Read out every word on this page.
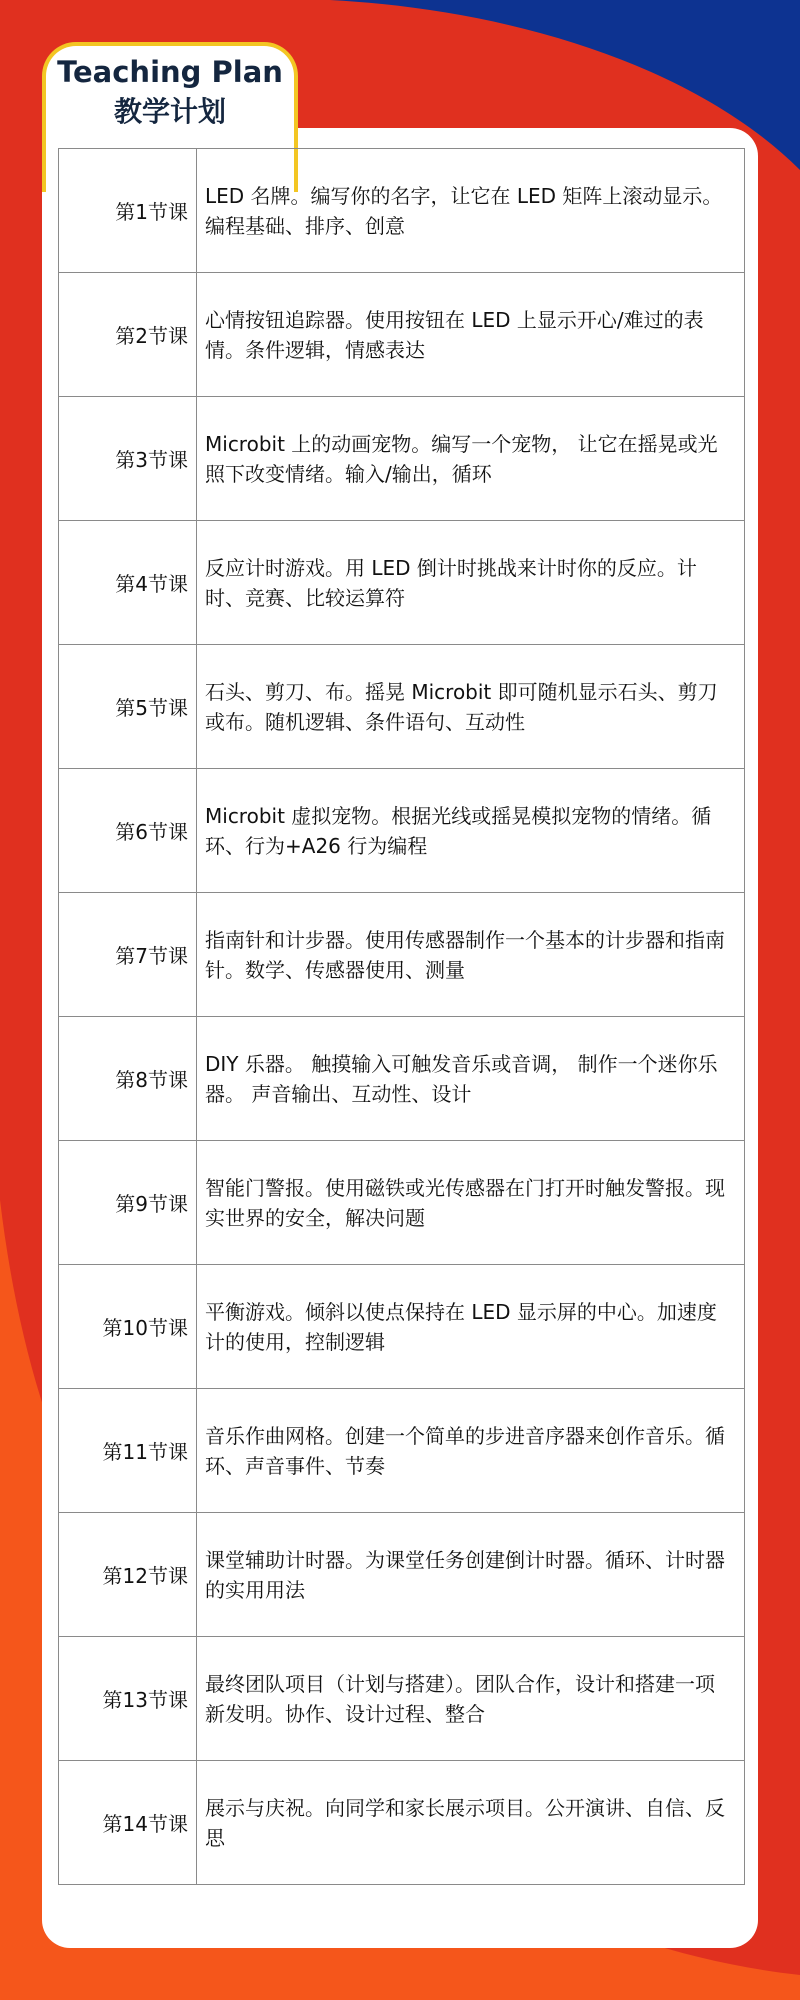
Teaching Plan
教学计划
第1节课	LED 名牌。编写你的名字，让它在 LED 矩阵上滚动显示。编程基础、排序、创意
第2节课	心情按钮追踪器。使用按钮在 LED 上显示开心/难过的表情。条件逻辑，情感表达
第3节课	Microbit 上的动画宠物。编写一个宠物， 让它在摇晃或光照下改变情绪。输入/输出，循环
第4节课	反应计时游戏。用 LED 倒计时挑战来计时你的反应。计时、竞赛、比较运算符
第5节课	石头、剪刀、布。摇晃 Microbit 即可随机显示石头、剪刀或布。随机逻辑、条件语句、互动性
第6节课	Microbit 虚拟宠物。根据光线或摇晃模拟宠物的情绪。循环、行为+A26 行为编程
第7节课	指南针和计步器。使用传感器制作一个基本的计步器和指南针。数学、传感器使用、测量
第8节课	DIY 乐器。 触摸输入可触发音乐或音调， 制作一个迷你乐器。 声音输出、互动性、设计
第9节课	智能门警报。使用磁铁或光传感器在门打开时触发警报。现实世界的安全，解决问题
第10节课	平衡游戏。倾斜以使点保持在 LED 显示屏的中心。加速度计的使用，控制逻辑
第11节课	音乐作曲网格。创建一个简单的步进音序器来创作音乐。循环、声音事件、节奏
第12节课	课堂辅助计时器。为课堂任务创建倒计时器。循环、计时器的实用用法
第13节课	最终团队项目（计划与搭建）。团队合作，设计和搭建一项新发明。协作、设计过程、整合
第14节课	展示与庆祝。向同学和家长展示项目。公开演讲、自信、反思
